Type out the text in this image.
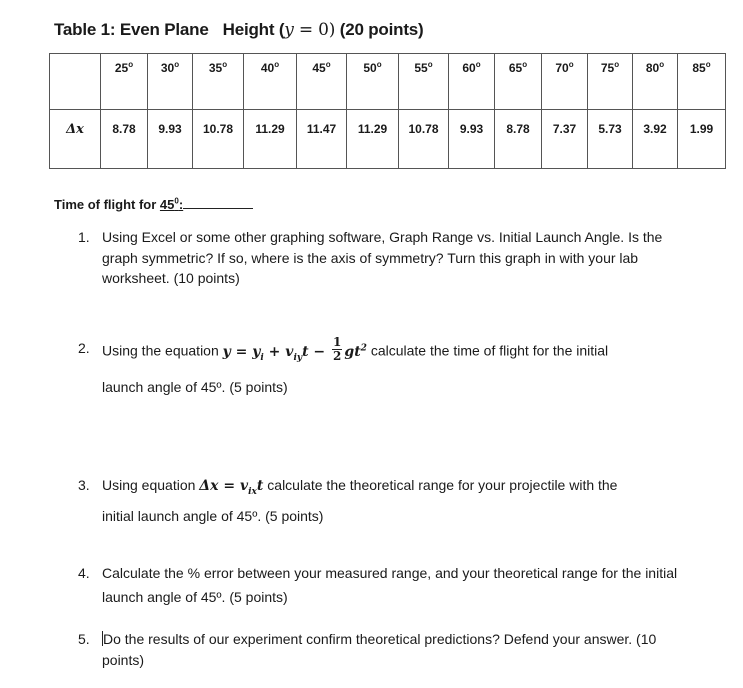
Table 1: Even Plane Height (y = 0) (20 points)
	25$^o$	30$^o$	35$^o$	40$^o$	45$^o$	50$^o$	55$^o$	60$^o$	65$^o$	70$^o$	75$^o$	80$^o$	85$^o$
Δx	8.78	9.93	10.78	11.29	11.47	11.29	10.78	9.93	8.78	7.37	5.73	3.92	1.99
Time of flight for $45^0$:
1. Using Excel or some other graphing software, Graph Range vs. Initial Launch Angle. Is the graph symmetric? If so, where is the axis of symmetry? Turn this graph in with your lab worksheet. (10 points)
2. Using the equation $y = y_i + v_{iy}t - \frac{1}{2} gt^2$ calculate the time of flight for the initial
launch angle of 45º. (5 points)
3. Using equation $\Delta x = v_{ix}t$ calculate the theoretical range for your projectile with the
initial launch angle of 45º. (5 points)
4. Calculate the % error between your measured range, and your theoretical range for the initial launch angle of 45º. (5 points)
5. Do the results of our experiment confirm theoretical predictions? Defend your answer. (10 points)
